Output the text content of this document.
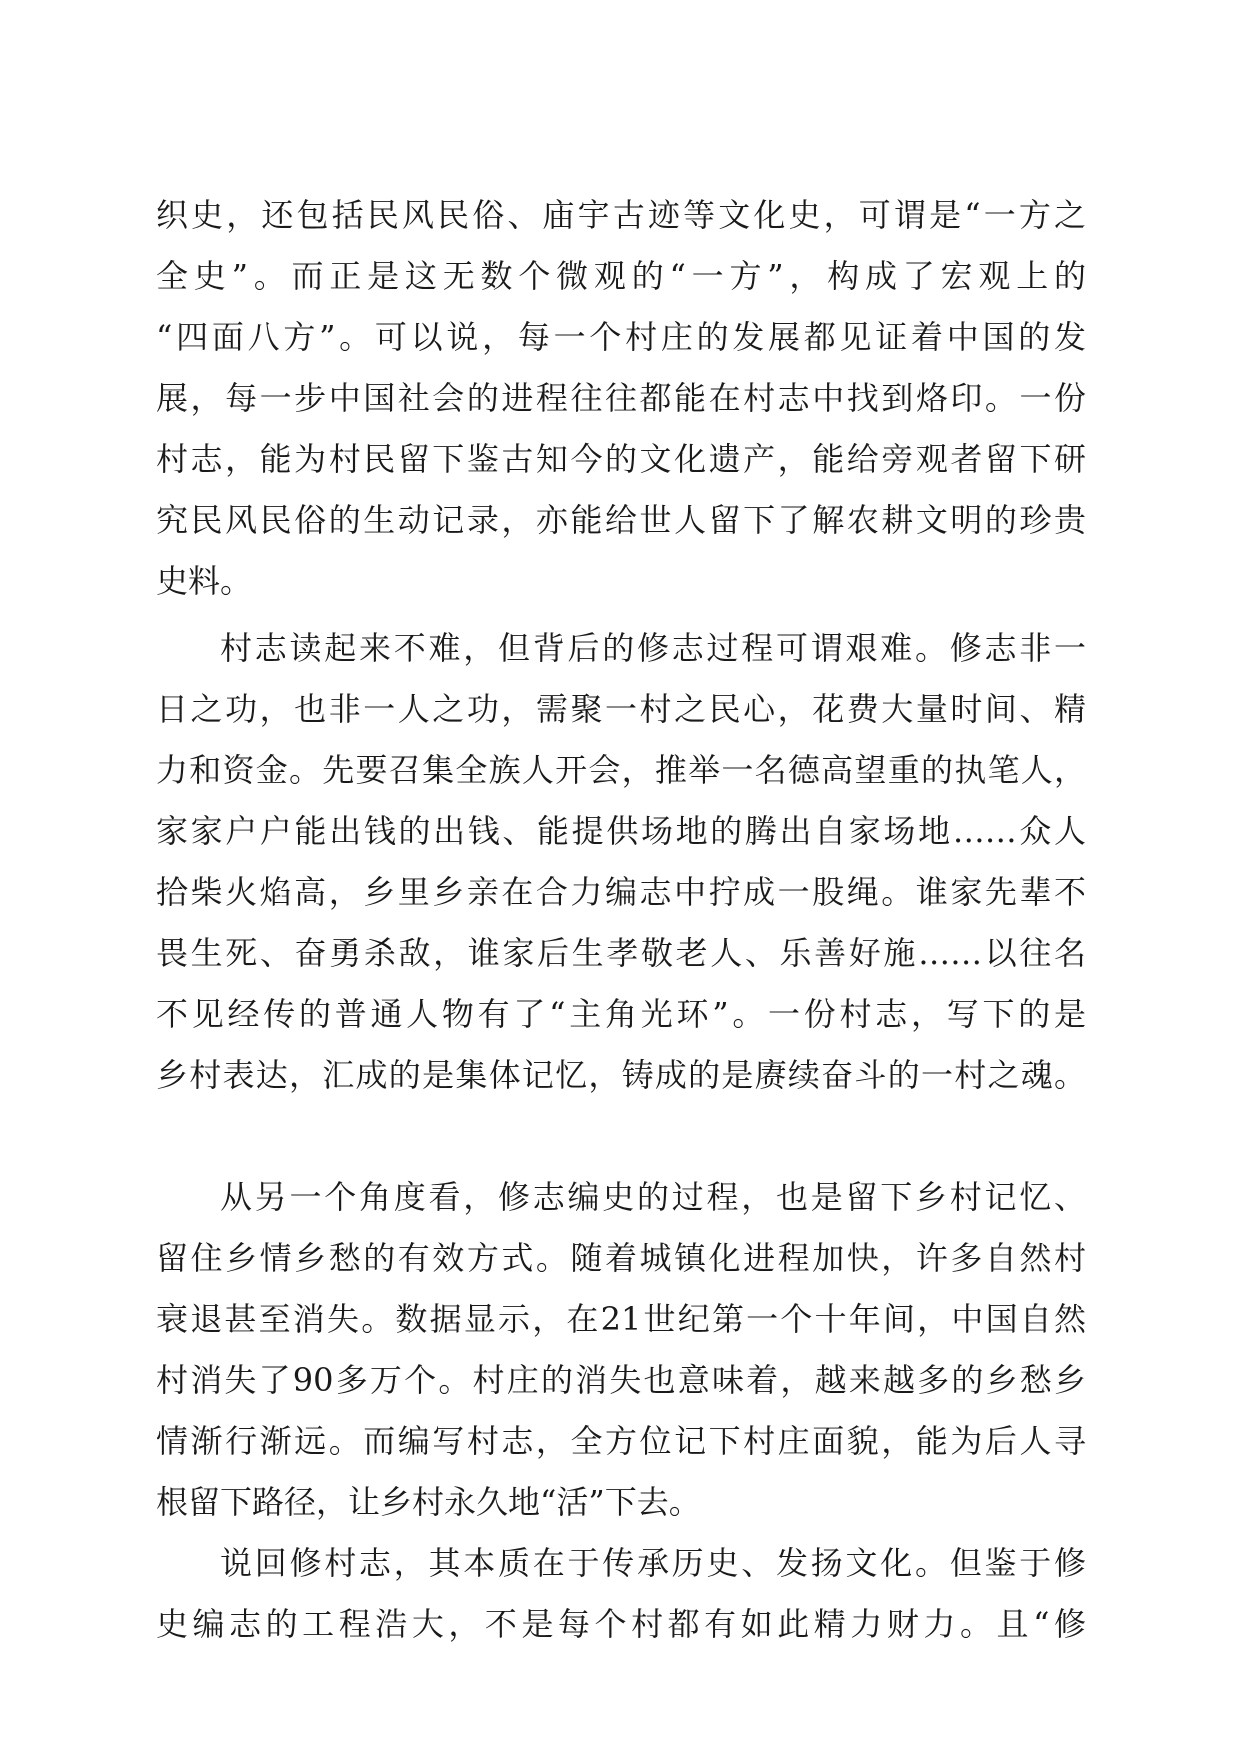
织史，还包括民风民俗、庙宇古迹等文化史，可谓是“一方之
全史”。而正是这无数个微观的“一方”，构成了宏观上的
“四面八方”。可以说，每一个村庄的发展都见证着中国的发
展，每一步中国社会的进程往往都能在村志中找到烙印。一份
村志，能为村民留下鉴古知今的文化遗产，能给旁观者留下研
究民风民俗的生动记录，亦能给世人留下了解农耕文明的珍贵
史料。
村志读起来不难，但背后的修志过程可谓艰难。修志非一
日之功，也非一人之功，需聚一村之民心，花费大量时间、精
力和资金。先要召集全族人开会，推举一名德高望重的执笔人，
家家户户能出钱的出钱、能提供场地的腾出自家场地……众人
拾柴火焰高，乡里乡亲在合力编志中拧成一股绳。谁家先辈不
畏生死、奋勇杀敌，谁家后生孝敬老人、乐善好施……以往名
不见经传的普通人物有了“主角光环”。一份村志，写下的是
乡村表达，汇成的是集体记忆，铸成的是赓续奋斗的一村之魂。
从另一个角度看，修志编史的过程，也是留下乡村记忆、
留住乡情乡愁的有效方式。随着城镇化进程加快，许多自然村
衰退甚至消失。数据显示，在21世纪第一个十年间，中国自然
村消失了90多万个。村庄的消失也意味着，越来越多的乡愁乡
情渐行渐远。而编写村志，全方位记下村庄面貌，能为后人寻
根留下路径，让乡村永久地“活”下去。
说回修村志，其本质在于传承历史、发扬文化。但鉴于修
史编志的工程浩大，不是每个村都有如此精力财力。且“修
